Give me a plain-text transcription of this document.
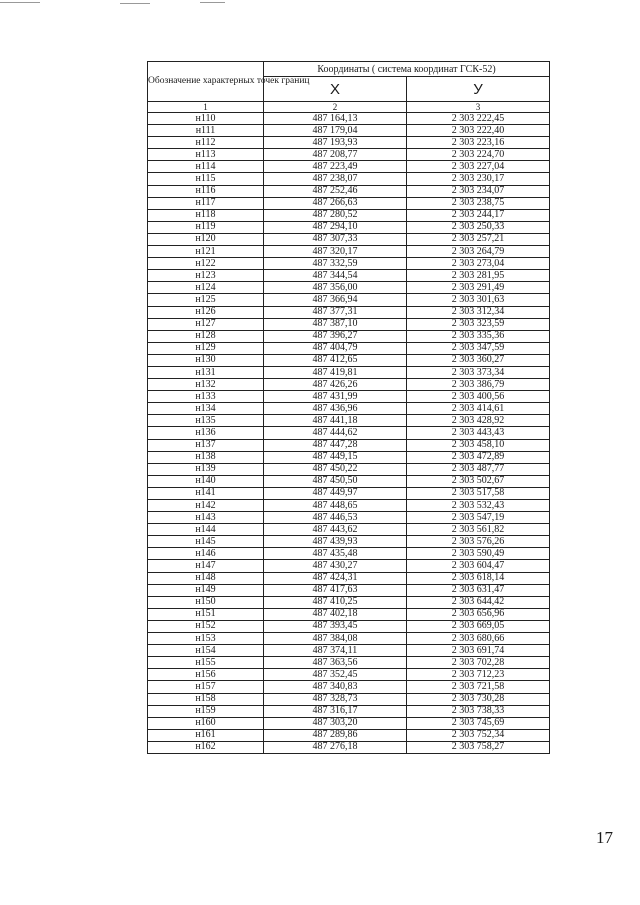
Обозначение характерных точек границ	Координаты ( система координат ГСК-52)	
	X	У
1	2	3
н110	487 164,13	2 303 222,45
н111	487 179,04	2 303 222,40
н112	487 193,93	2 303 223,16
н113	487 208,77	2 303 224,70
н114	487 223,49	2 303 227,04
н115	487 238,07	2 303 230,17
н116	487 252,46	2 303 234,07
н117	487 266,63	2 303 238,75
н118	487 280,52	2 303 244,17
н119	487 294,10	2 303 250,33
н120	487 307,33	2 303 257,21
н121	487 320,17	2 303 264,79
н122	487 332,59	2 303 273,04
н123	487 344,54	2 303 281,95
н124	487 356,00	2 303 291,49
н125	487 366,94	2 303 301,63
н126	487 377,31	2 303 312,34
н127	487 387,10	2 303 323,59
н128	487 396,27	2 303 335,36
н129	487 404,79	2 303 347,59
н130	487 412,65	2 303 360,27
н131	487 419,81	2 303 373,34
н132	487 426,26	2 303 386,79
н133	487 431,99	2 303 400,56
н134	487 436,96	2 303 414,61
н135	487 441,18	2 303 428,92
н136	487 444,62	2 303 443,43
н137	487 447,28	2 303 458,10
н138	487 449,15	2 303 472,89
н139	487 450,22	2 303 487,77
н140	487 450,50	2 303 502,67
н141	487 449,97	2 303 517,58
н142	487 448,65	2 303 532,43
н143	487 446,53	2 303 547,19
н144	487 443,62	2 303 561,82
н145	487 439,93	2 303 576,26
н146	487 435,48	2 303 590,49
н147	487 430,27	2 303 604,47
н148	487 424,31	2 303 618,14
н149	487 417,63	2 303 631,47
н150	487 410,25	2 303 644,42
н151	487 402,18	2 303 656,96
н152	487 393,45	2 303 669,05
н153	487 384,08	2 303 680,66
н154	487 374,11	2 303 691,74
н155	487 363,56	2 303 702,28
н156	487 352,45	2 303 712,23
н157	487 340,83	2 303 721,58
н158	487 328,73	2 303 730,28
н159	487 316,17	2 303 738,33
н160	487 303,20	2 303 745,69
н161	487 289,86	2 303 752,34
н162	487 276,18	2 303 758,27
17
